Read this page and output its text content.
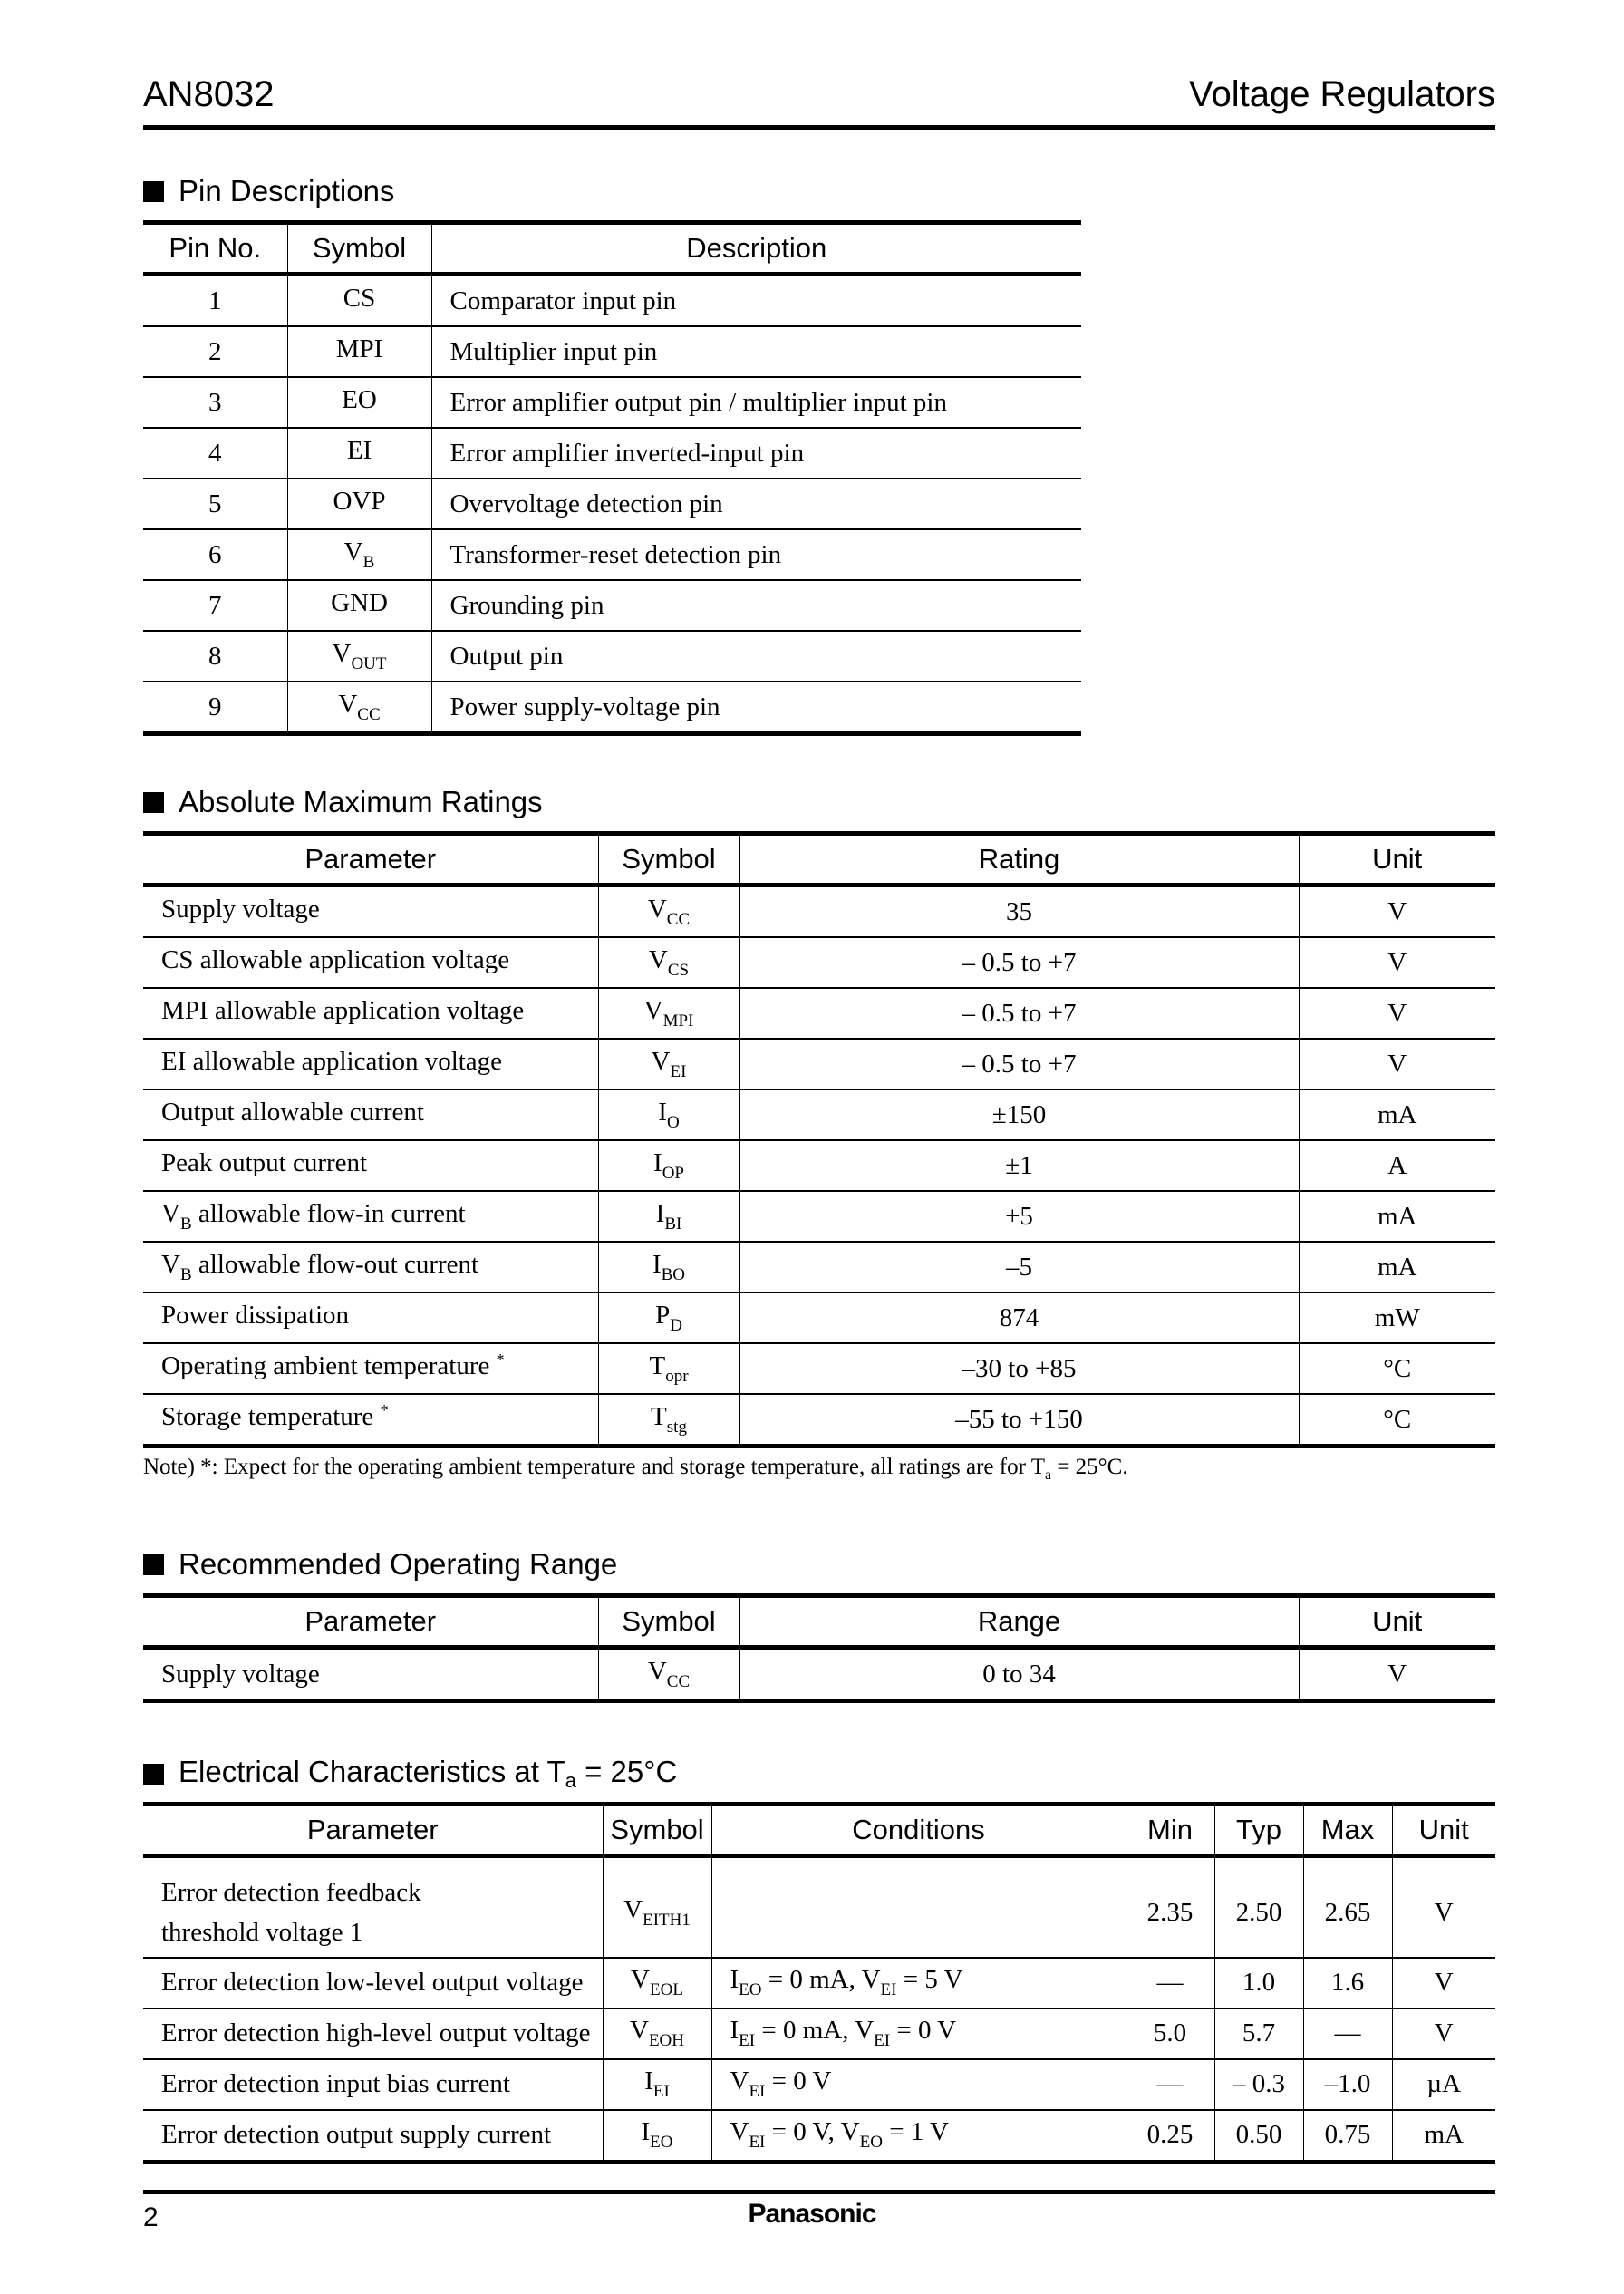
AN8032	Voltage Regulators
Pin Descriptions
Pin No.	Symbol	Description
1	CS	Comparator input pin
2	MPI	Multiplier input pin
3	EO	Error amplifier output pin / multiplier input pin
4	EI	Error amplifier inverted-input pin
5	OVP	Overvoltage detection pin
6	$V_B$	Transformer-reset detection pin
7	GND	Grounding pin
8	$V_{OUT}$	Output pin
9	$V_{CC}$	Power supply-voltage pin
Absolute Maximum Ratings
Parameter	Symbol	Rating	Unit
Supply voltage	$V_{CC}$	35	V
CS allowable application voltage	$V_{CS}$	– 0.5 to +7	V
MPI allowable application voltage	$V_{MPI}$	– 0.5 to +7	V
EI allowable application voltage	$V_{EI}$	– 0.5 to +7	V
Output allowable current	$I_O$	±150	mA
Peak output current	$I_{OP}$	±1	A
$V_B$ allowable flow-in current	$I_{BI}$	+5	mA
$V_B$ allowable flow-out current	$I_{BO}$	–5	mA
Power dissipation	$P_D$	874	mW
Operating ambient temperature *	$T_{opr}$	–30 to +85	°C
Storage temperature *	$T_{stg}$	–55 to +150	°C
Note) *: Expect for the operating ambient temperature and storage temperature, all ratings are for $T_a = 25^\circ C$.
Recommended Operating Range
Parameter	Symbol	Range	Unit
Supply voltage	$V_{CC}$	0 to 34	V
Electrical Characteristics at $T_a = 25^\circ C$
Parameter	Symbol	Conditions	Min	Typ	Max	Unit
Error detection feedback
threshold voltage 1	$V_{EITH1}$		2.35	2.50	2.65	V
Error detection low-level output voltage	$V_{EOL}$	$I_{EO} = 0$ mA, $V_{EI} = 5$ V	—	1.0	1.6	V
Error detection high-level output voltage	$V_{EOH}$	$I_{EI} = 0$ mA, $V_{EI} = 0$ V	5.0	5.7	—	V
Error detection input bias current	$I_{EI}$	$V_{EI} = 0$ V	—	– 0.3	–1.0	µA
Error detection output supply current	$I_{EO}$	$V_{EI} = 0$ V, $V_{EO} = 1$ V	0.25	0.50	0.75	mA
2	Panasonic
